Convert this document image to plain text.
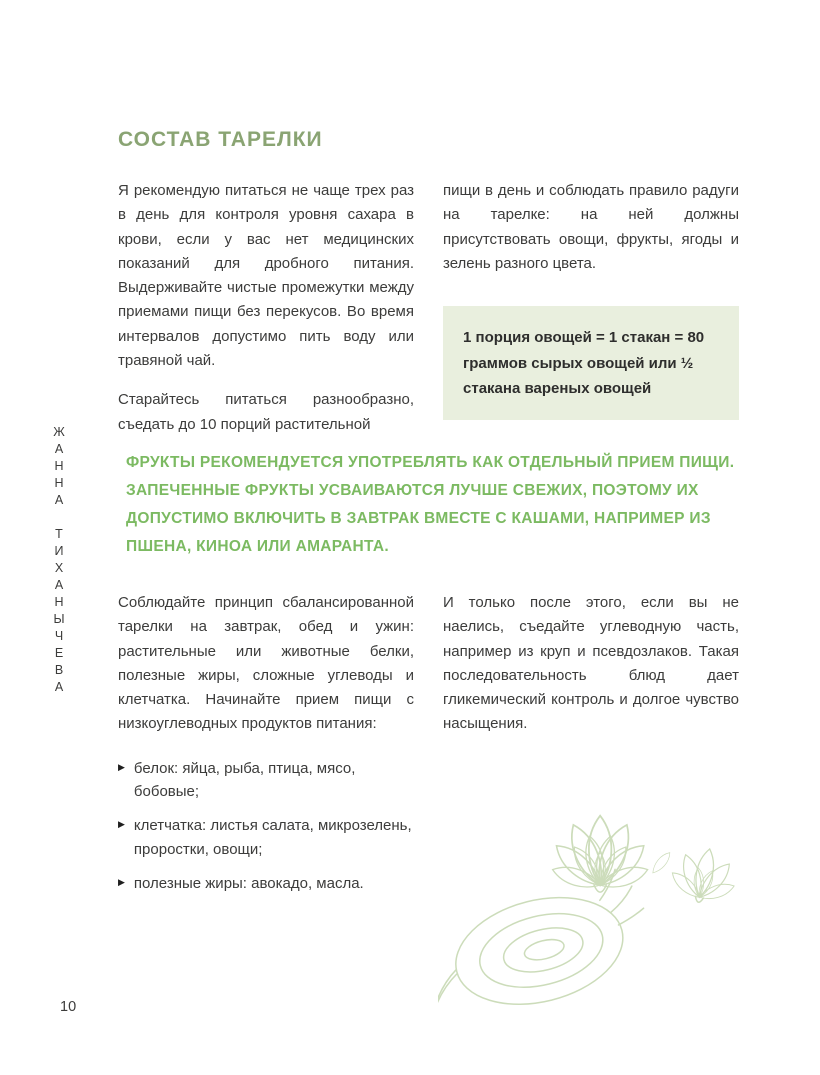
СОСТАВ ТАРЕЛКИ

Я рекомендую питаться не чаще трех раз в день для контроля уровня сахара в крови, если у вас нет медицинских показаний для дробного питания. Выдерживайте чистые промежутки между приемами пищи без перекусов. Во время интервалов допустимо пить воду или травяной чай.

Старайтесь питаться разнообразно, съедать до 10 порций растительной

пищи в день и соблюдать правило радуги на тарелке: на ней должны присутствовать овощи, фрукты, ягоды и зелень разного цвета.

1 порция овощей = 1 стакан = 80 граммов сырых овощей или ½ стакана вареных овощей
ЖАННА ТИХАНЫЧЕВА	ФРУКТЫ РЕКОМЕНДУЕТСЯ УПОТРЕБЛЯТЬ КАК ОТДЕЛЬНЫЙ ПРИЕМ ПИЩИ. ЗАПЕЧЕННЫЕ ФРУКТЫ УСВАИВАЮТСЯ ЛУЧШЕ СВЕЖИХ, ПОЭТОМУ ИХ ДОПУСТИМО ВКЛЮЧИТЬ В ЗАВТРАК ВМЕСТЕ С КАШАМИ, НАПРИМЕР ИЗ ПШЕНА, КИНОА ИЛИ АМАРАНТА.

Соблюдайте принцип сбалансированной тарелки на завтрак, обед и ужин: растительные или животные белки, полезные жиры, сложные углеводы и клетчатка. Начинайте прием пищи с низкоуглеводных продуктов питания:

▶ белок: яйца, рыба, птица, мясо, бобовые;
▶ клетчатка: листья салата, микрозелень, проростки, овощи;
▶ полезные жиры: авокадо, масла.

И только после этого, если вы не наелись, съедайте углеводную часть, например из круп и псевдозлаков. Такая последовательность блюд дает гликемический контроль и долгое чувство насыщения.

10
